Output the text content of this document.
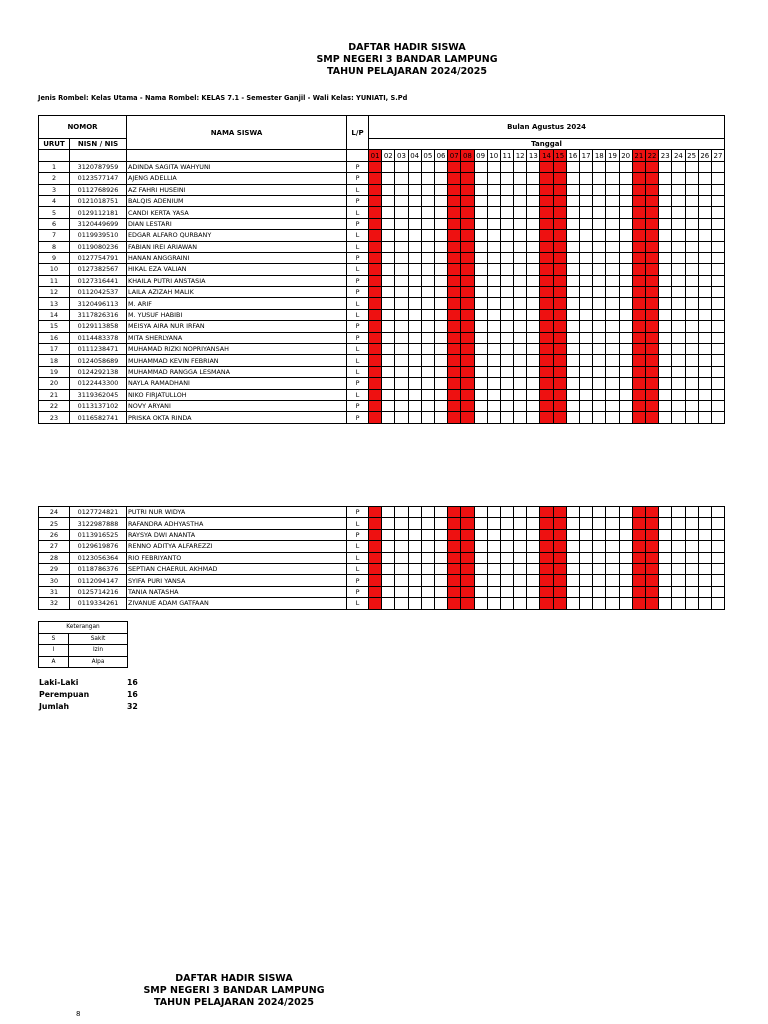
DAFTAR HADIR SISWA
SMP NEGERI 3 BANDAR LAMPUNG
TAHUN PELAJARAN 2024/2025
Jenis Rombel: Kelas Utama - Nama Rombel: KELAS 7.1 - Semester Ganjil - Wali Kelas: YUNIATI, S.Pd
NOMOR		NAMA SISWA	L/P	Bulan Agustus 2024																										
URUT	NISN / NIS			Tanggal																										
				01	02	03	04	05	06	07	08	09	10	11	12	13	14	15	16	17	18	19	20	21	22	23	24	25	26	27
1	3120787959	ADINDA SAGITA WAHYUNI	P																											
2	0123577147	AJENG ADELLIA	P																											
3	0112768926	AZ FAHRI HUSEINI	L																											
4	0121018751	BALQIS ADENIUM	P																											
5	0129112181	CANDI KERTA YASA	L																											
6	3120449699	DIAN LESTARI	P																											
7	0119939510	EDGAR ALFARO QURBANY	L																											
8	0119080236	FABIAN IREI ARIAWAN	L																											
9	0127754791	HANAN ANGGRAINI	P																											
10	0127382567	HIKAL EZA VALIAN	L																											
11	0127316441	KHAILA PUTRI ANSTASIA	P																											
12	0112042537	LAILA AZIZAH MALIK	P																											
13	3120496113	M. ARIF	L																											
14	3117826316	M. YUSUF HABIBI	L																											
15	0129113858	MEISYA AIRA NUR IRFAN	P																											
16	0114483378	MITA SHERLYANA	P																											
17	0111238471	MUHAMAD RIZKI NOPRIYANSAH	L																											
18	0124058689	MUHAMMAD KEVIN FEBRIAN	L																											
19	0124292138	MUHAMMAD RANGGA LESMANA	L																											
20	0122443300	NAYLA RAMADHANI	P																											
21	3119362045	NIKO FIRJATULLOH	L																											
22	0113137102	NOVY ARYANI	P																											
23	0116582741	PRISKA OKTA RINDA	P																											
24	0127724821	PUTRI NUR WIDYA	P																											
25	3122987888	RAFANDRA ADHYASTHA	L																											
26	0113916525	RAYSYA DWI ANANTA	P																											
27	0129619876	RENNO ADITYA ALFAREZZI	L																											
28	0123056364	RIO FEBRIYANTO	L																											
29	0118786376	SEPTIAN CHAERUL AKHMAD	L																											
30	0112094147	SYIFA PURI YANSA	P																											
31	0125714216	TANIA NATASHA	P																											
32	0119334261	ZIVANUE ADAM GATFAAN	L																											
Keterangan	
S	Sakit
I	Izin
A	Alpa
Laki-Laki	16
Perempuan	16
Jumlah	32
DAFTAR HADIR SISWA
SMP NEGERI 3 BANDAR LAMPUNG
TAHUN PELAJARAN 2024/2025
8
